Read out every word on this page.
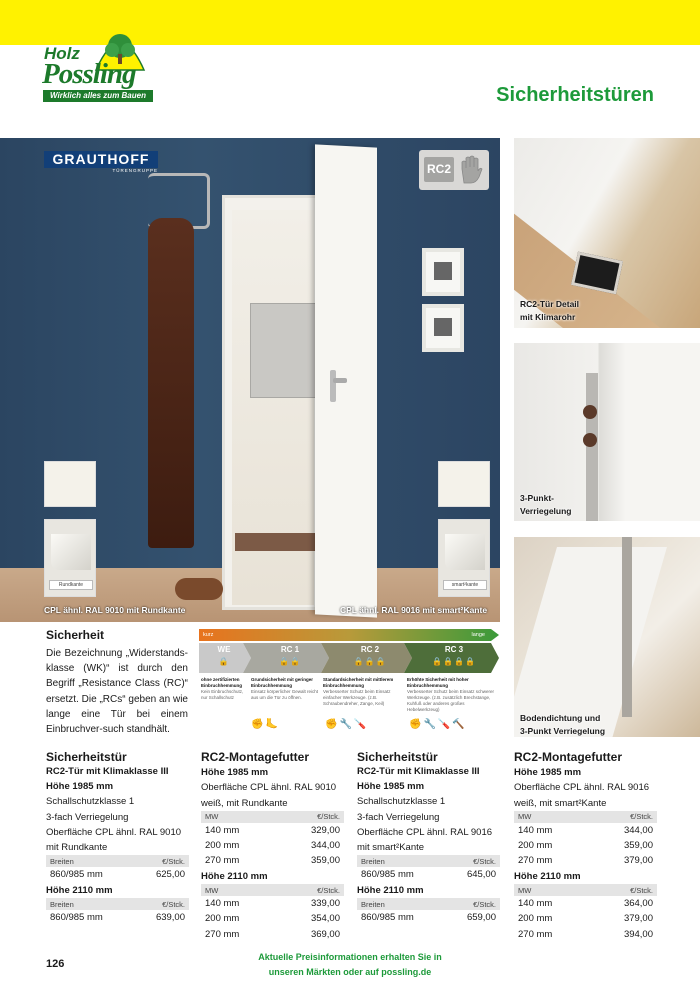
Holz
Possling
Wirklich alles zum Bauen	Sicherheitstüren
GRAUTHOFF
TÜRENGRUPPE	RC2
Rundkante	smart²kante
CPL ähnl. RAL 9010 mit Rundkante	CPL ähnl. RAL 9016 mit smart²Kante
RC2-Tür Detail
mit Klimarohr
3-Punkt-
Verriegelung
Bodendichtung und
3-Punkt Verriegelung
Sicherheit

Die Bezeichnung „Widerstands-klasse (WK)“ ist durch den Begriff „Resistance Class (RC)“ ersetzt. Die „RCs“ geben an wie lange eine Tür bei einem Einbruchver-such standhält.

kurz	lange
WE
🔒
RC 1
🔒🔒
RC 2
🔒🔒🔒
RC 3
🔒🔒🔒🔒
ohne zertifizierten Einbruchhemmung
Kein Einbruchschutz, nur Schallschutz
Grundsicherheit mit geringer Einbruchhemmung
Einsatz körperlicher Gewalt reicht aus um die Tür zu öffnen.
Standardsicherheit mit mittlerem Einbruchhemmung
Verbesserter Schutz beim Einsatz einfacher Werkzeuge. (z.B. Schraubendreher, Zange, Keil)
Erhöhte Sicherheit mit hoher Einbruchhemmung
Verbesserter Schutz beim Einsatz schwerer Werkzeuge. (z.B. zusätzlich Brechstange, Kuhfuß oder anderes großes Hebelwerkzeug)
✊🦶	✊🔧🪛	✊🔧🪛🔨
Sicherheitstür
RC2-Tür mit Klimaklasse III
Höhe 1985 mm
Schallschutzklasse 1
3-fach Verriegelung
Oberfläche CPL ähnl. RAL 9010
mit Rundkante
Breiten	€/Stck.
860/985 mm	625,00
Höhe 2110 mm
Breiten	€/Stck.
860/985 mm	639,00
RC2-Montagefutter
Höhe 1985 mm
Oberfläche CPL ähnl. RAL 9010
weiß, mit Rundkante
MW	€/Stck.
140 mm	329,00
200 mm	344,00
270 mm	359,00
Höhe 2110 mm
MW	€/Stck.
140 mm	339,00
200 mm	354,00
270 mm	369,00
Sicherheitstür
RC2-Tür mit Klimaklasse III
Höhe 1985 mm
Schallschutzklasse 1
3-fach Verriegelung
Oberfläche CPL ähnl. RAL 9016
mit smart²Kante
Breiten	€/Stck.
860/985 mm	645,00
Höhe 2110 mm
Breiten	€/Stck.
860/985 mm	659,00
RC2-Montagefutter
Höhe 1985 mm
Oberfläche CPL ähnl. RAL 9016
weiß, mit smart²Kante
MW	€/Stck.
140 mm	344,00
200 mm	359,00
270 mm	379,00
Höhe 2110 mm
MW	€/Stck.
140 mm	364,00
200 mm	379,00
270 mm	394,00
Aktuelle Preisinformationen erhalten Sie in
unseren Märkten oder auf possling.de
126
